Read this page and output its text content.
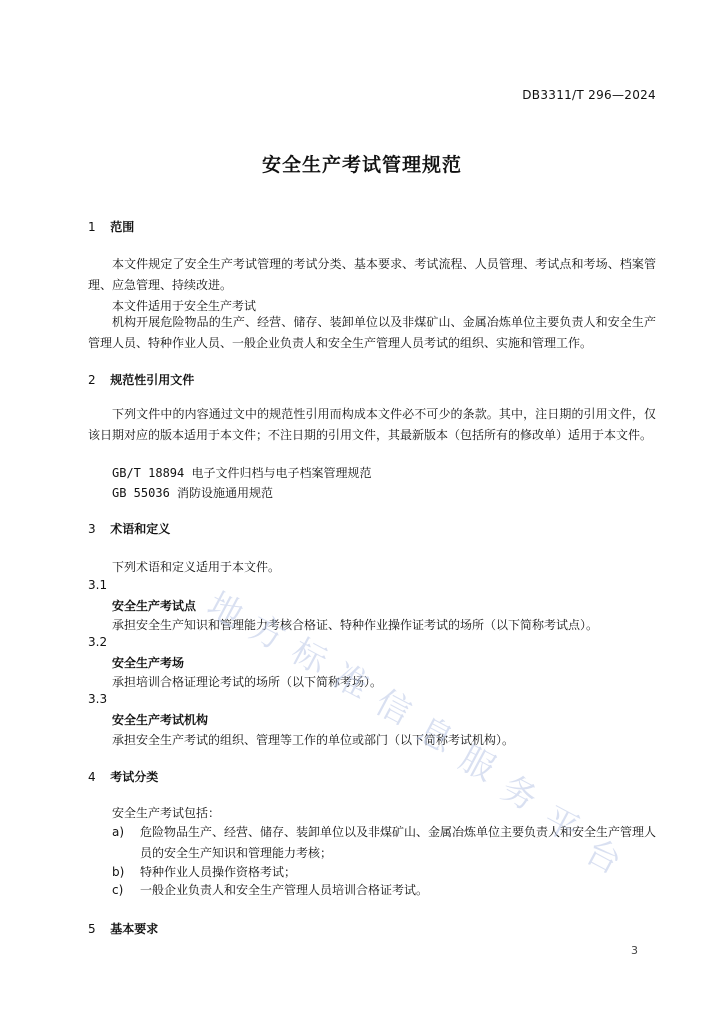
DB3311/T 296—2024
安全生产考试管理规范
1 范围
本文件规定了安全生产考试管理的考试分类、基本要求、考试流程、人员管理、考试点和考场、档案管理、应急管理、持续改进。
本文件适用于安全生产考试
机构开展危险物品的生产、经营、储存、装卸单位以及非煤矿山、金属冶炼单位主要负责人和安全生产管理人员、特种作业人员、一般企业负责人和安全生产管理人员考试的组织、实施和管理工作。
2 规范性引用文件
下列文件中的内容通过文中的规范性引用而构成本文件必不可少的条款。其中，注日期的引用文件，仅该日期对应的版本适用于本文件；不注日期的引用文件，其最新版本（包括所有的修改单）适用于本文件。
GB/T 18894 电子文件归档与电子档案管理规范
GB 55036 消防设施通用规范
3 术语和定义
下列术语和定义适用于本文件。
3.1
安全生产考试点
承担安全生产知识和管理能力考核合格证、特种作业操作证考试的场所（以下简称考试点）。
3.2
安全生产考场
承担培训合格证理论考试的场所（以下简称考场）。
3.3
安全生产考试机构
承担安全生产考试的组织、管理等工作的单位或部门（以下简称考试机构）。
4 考试分类
安全生产考试包括：
a)	危险物品生产、经营、储存、装卸单位以及非煤矿山、金属冶炼单位主要负责人和安全生产管理人员的安全生产知识和管理能力考核；
b)	特种作业人员操作资格考试；
c)	一般企业负责人和安全生产管理人员培训合格证考试。
5 基本要求
3
地
方
标
准
信
息
服
务
平
台
